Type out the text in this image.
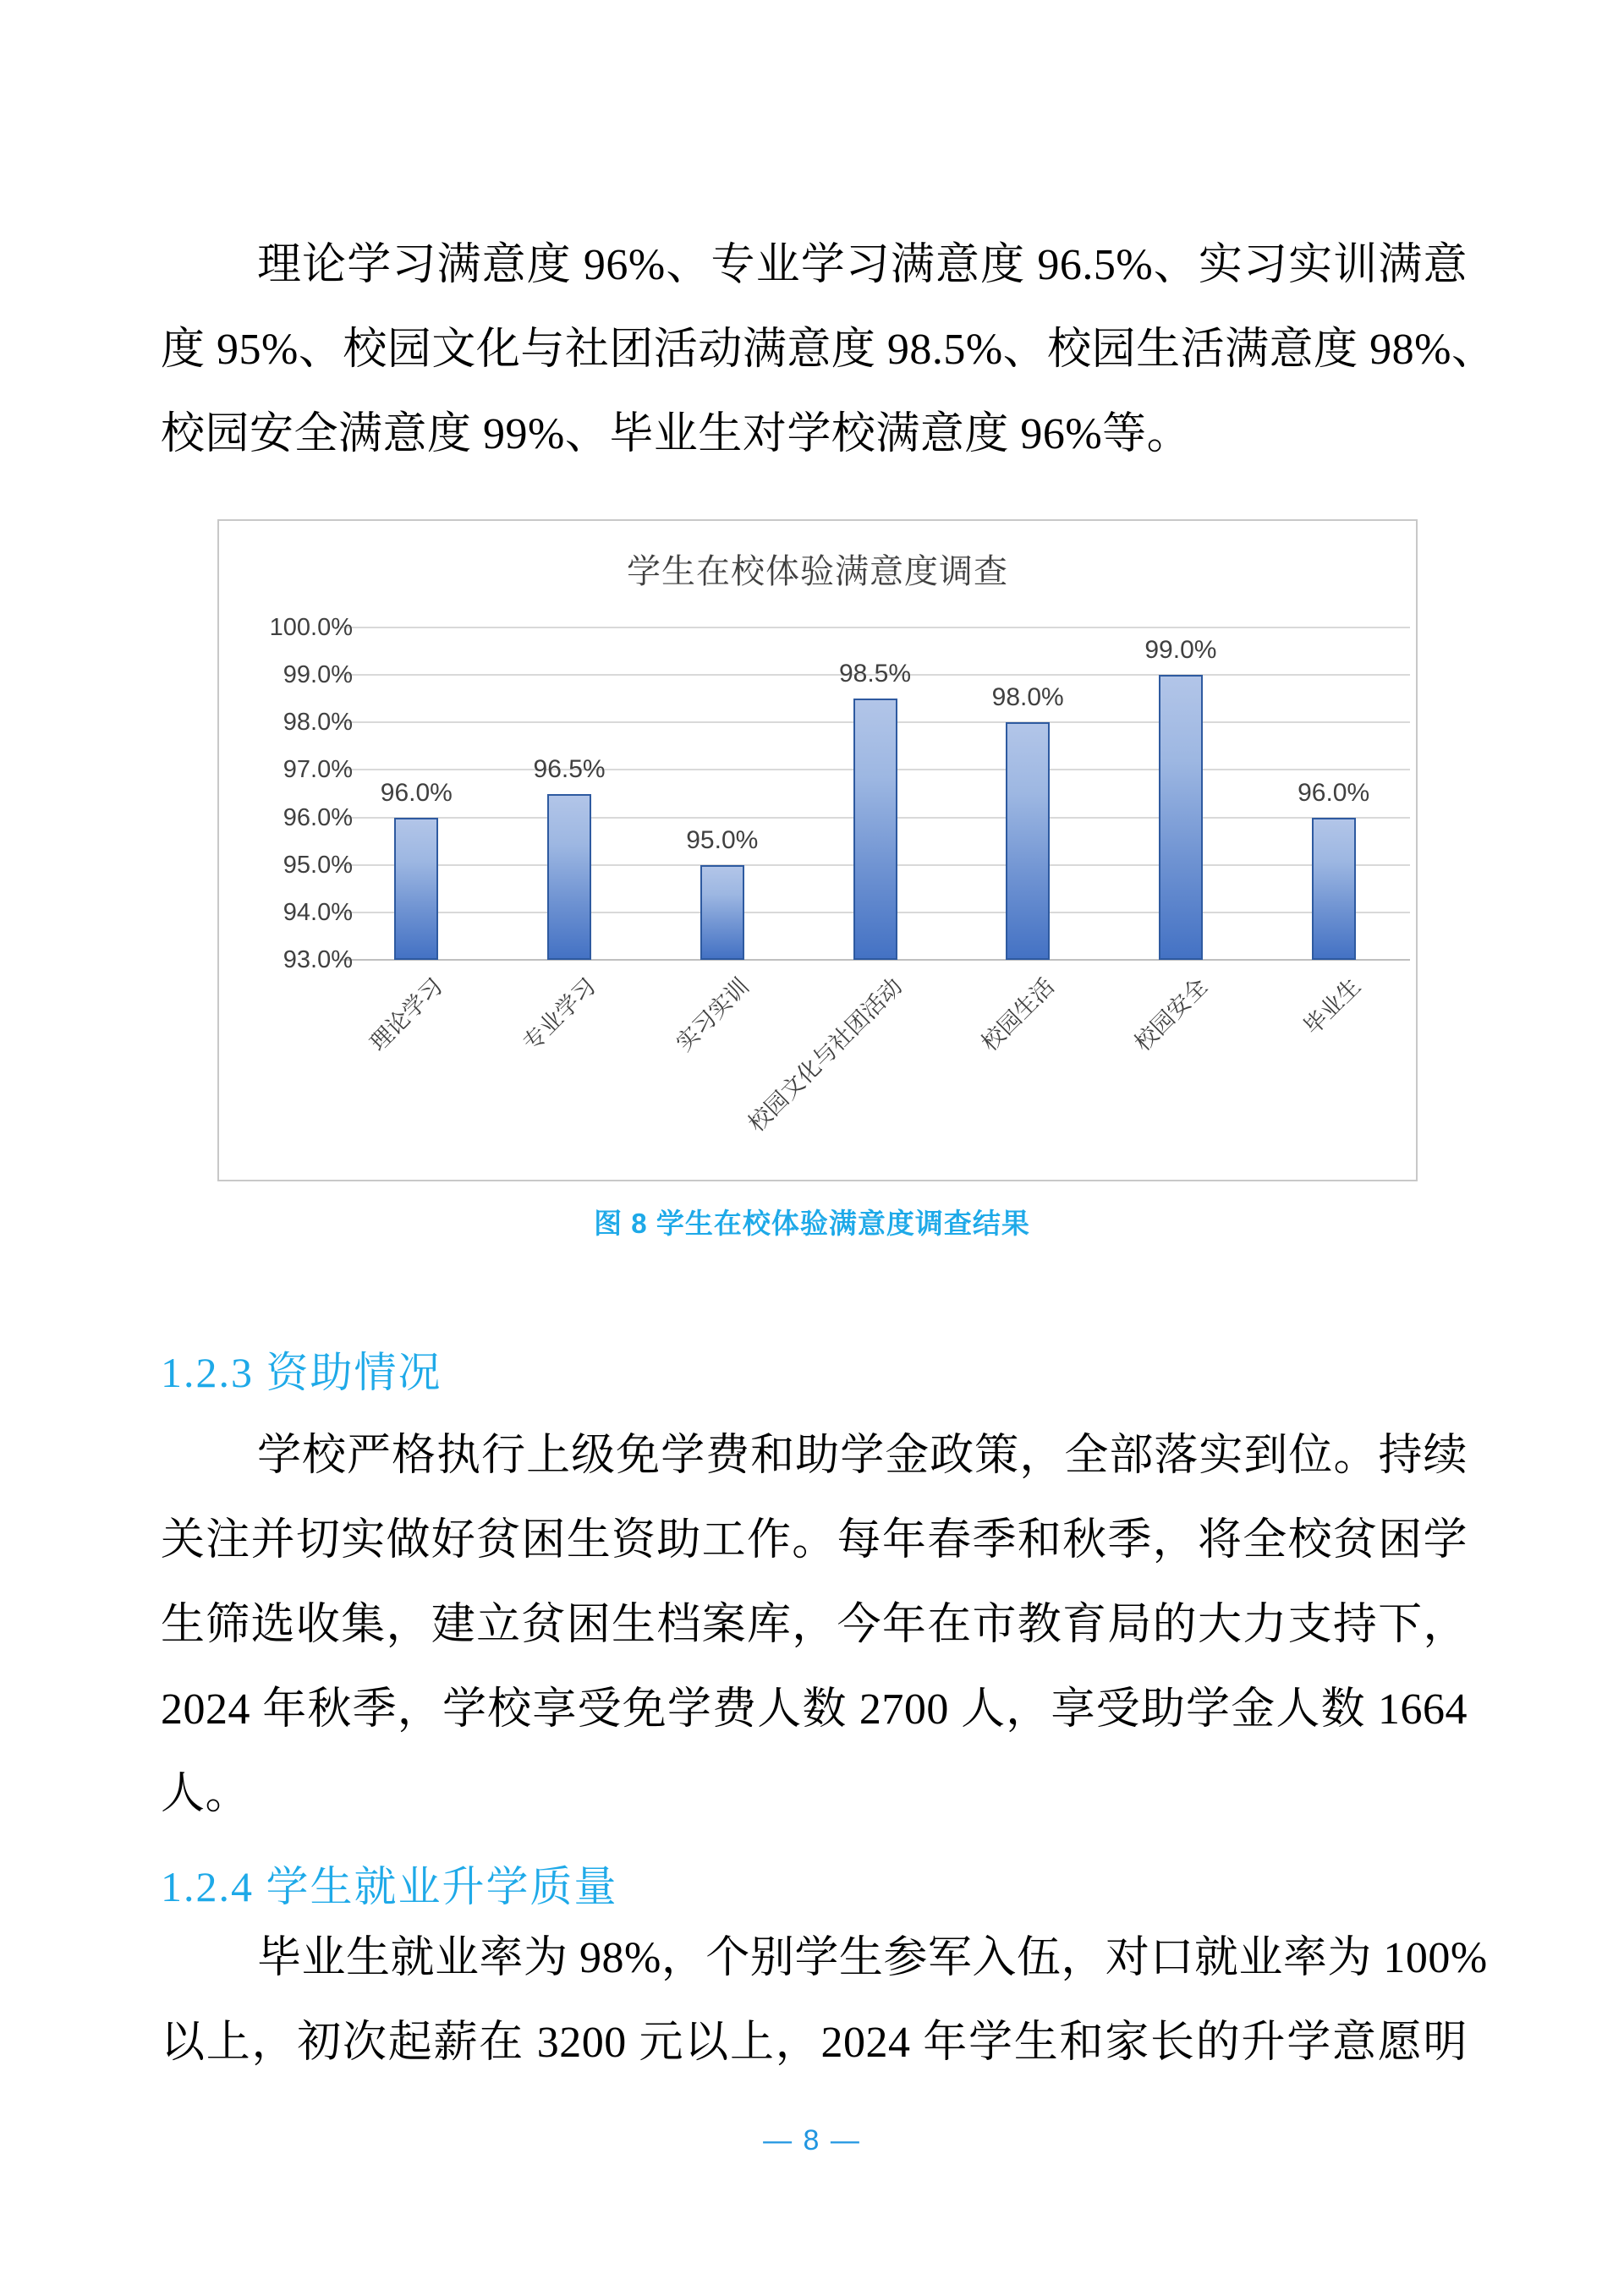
理论学习满意度 96%、专业学习满意度 96.5%、实习实训满意
度 95%、校园文化与社团活动满意度 98.5%、校园生活满意度 98%、
校园安全满意度 99%、毕业生对学校满意度 96%等。
学生在校体验满意度调查
100.0%
99.0%
98.0%
97.0%
96.0%
95.0%
94.0%
93.0%
96.0%
理论学习
96.5%
专业学习
95.0%
实习实训
98.5%
校园文化与社团活动
98.0%
校园生活
99.0%
校园安全
96.0%
毕业生
图 8 学生在校体验满意度调查结果
1.2.3 资助情况
学校严格执行上级免学费和助学金政策，全部落实到位。持续
关注并切实做好贫困生资助工作。每年春季和秋季，将全校贫困学
生筛选收集，建立贫困生档案库，今年在市教育局的大力支持下，
2024 年秋季，学校享受免学费人数 2700 人，享受助学金人数 1664
人。
1.2.4 学生就业升学质量
毕业生就业率为 98%，个别学生参军入伍，对口就业率为 100%
以上，初次起薪在 3200 元以上，2024 年学生和家长的升学意愿明
— 8 —
